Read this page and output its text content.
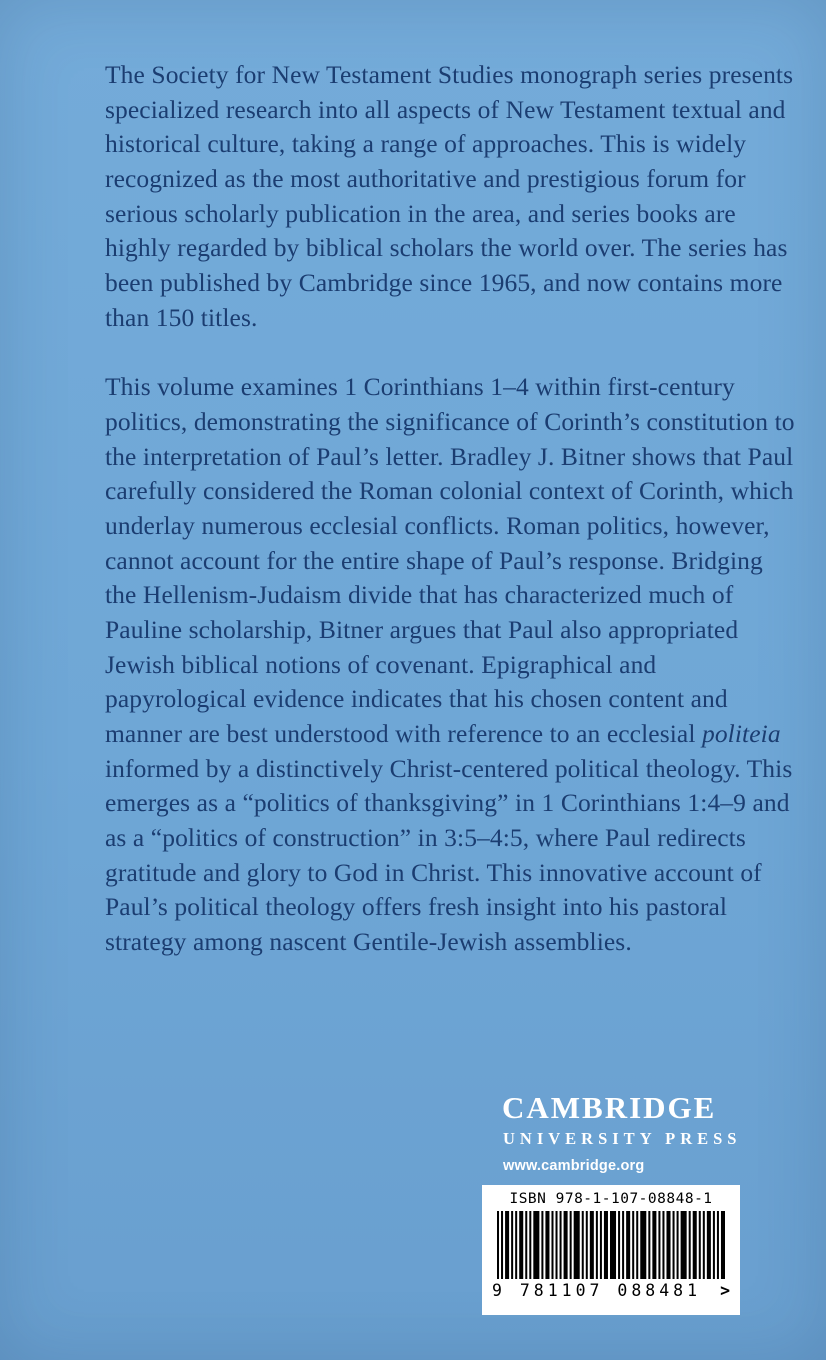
The Society for New Testament Studies monograph series presents specialized research into all aspects of New Testament textual and historical culture, taking a range of approaches. This is widely recognized as the most authoritative and prestigious forum for serious scholarly publication in the area, and series books are highly regarded by biblical scholars the world over. The series has been published by Cambridge since 1965, and now contains more than 150 titles.

This volume examines 1 Corinthians 1–4 within first-century politics, demonstrating the significance of Corinth’s constitution to the interpretation of Paul’s letter. Bradley J. Bitner shows that Paul carefully considered the Roman colonial context of Corinth, which underlay numerous ecclesial conflicts. Roman politics, however, cannot account for the entire shape of Paul’s response. Bridging the Hellenism-Judaism divide that has characterized much of Pauline scholarship, Bitner argues that Paul also appropriated Jewish biblical notions of covenant. Epigraphical and papyrological evidence indicates that his chosen content and manner are best understood with reference to an ecclesial politeia informed by a distinctively Christ-centered political theology. This emerges as a “politics of thanksgiving” in 1 Corinthians 1:4–9 and as a “politics of construction” in 3:5–4:5, where Paul redirects gratitude and glory to God in Christ. This innovative account of Paul’s political theology offers fresh insight into his pastoral strategy among nascent Gentile-Jewish assemblies.

CAMBRIDGE
UNIVERSITY PRESS
www.cambridge.org
ISBN 978-1-107-08848-1
9 781107 088481 >
